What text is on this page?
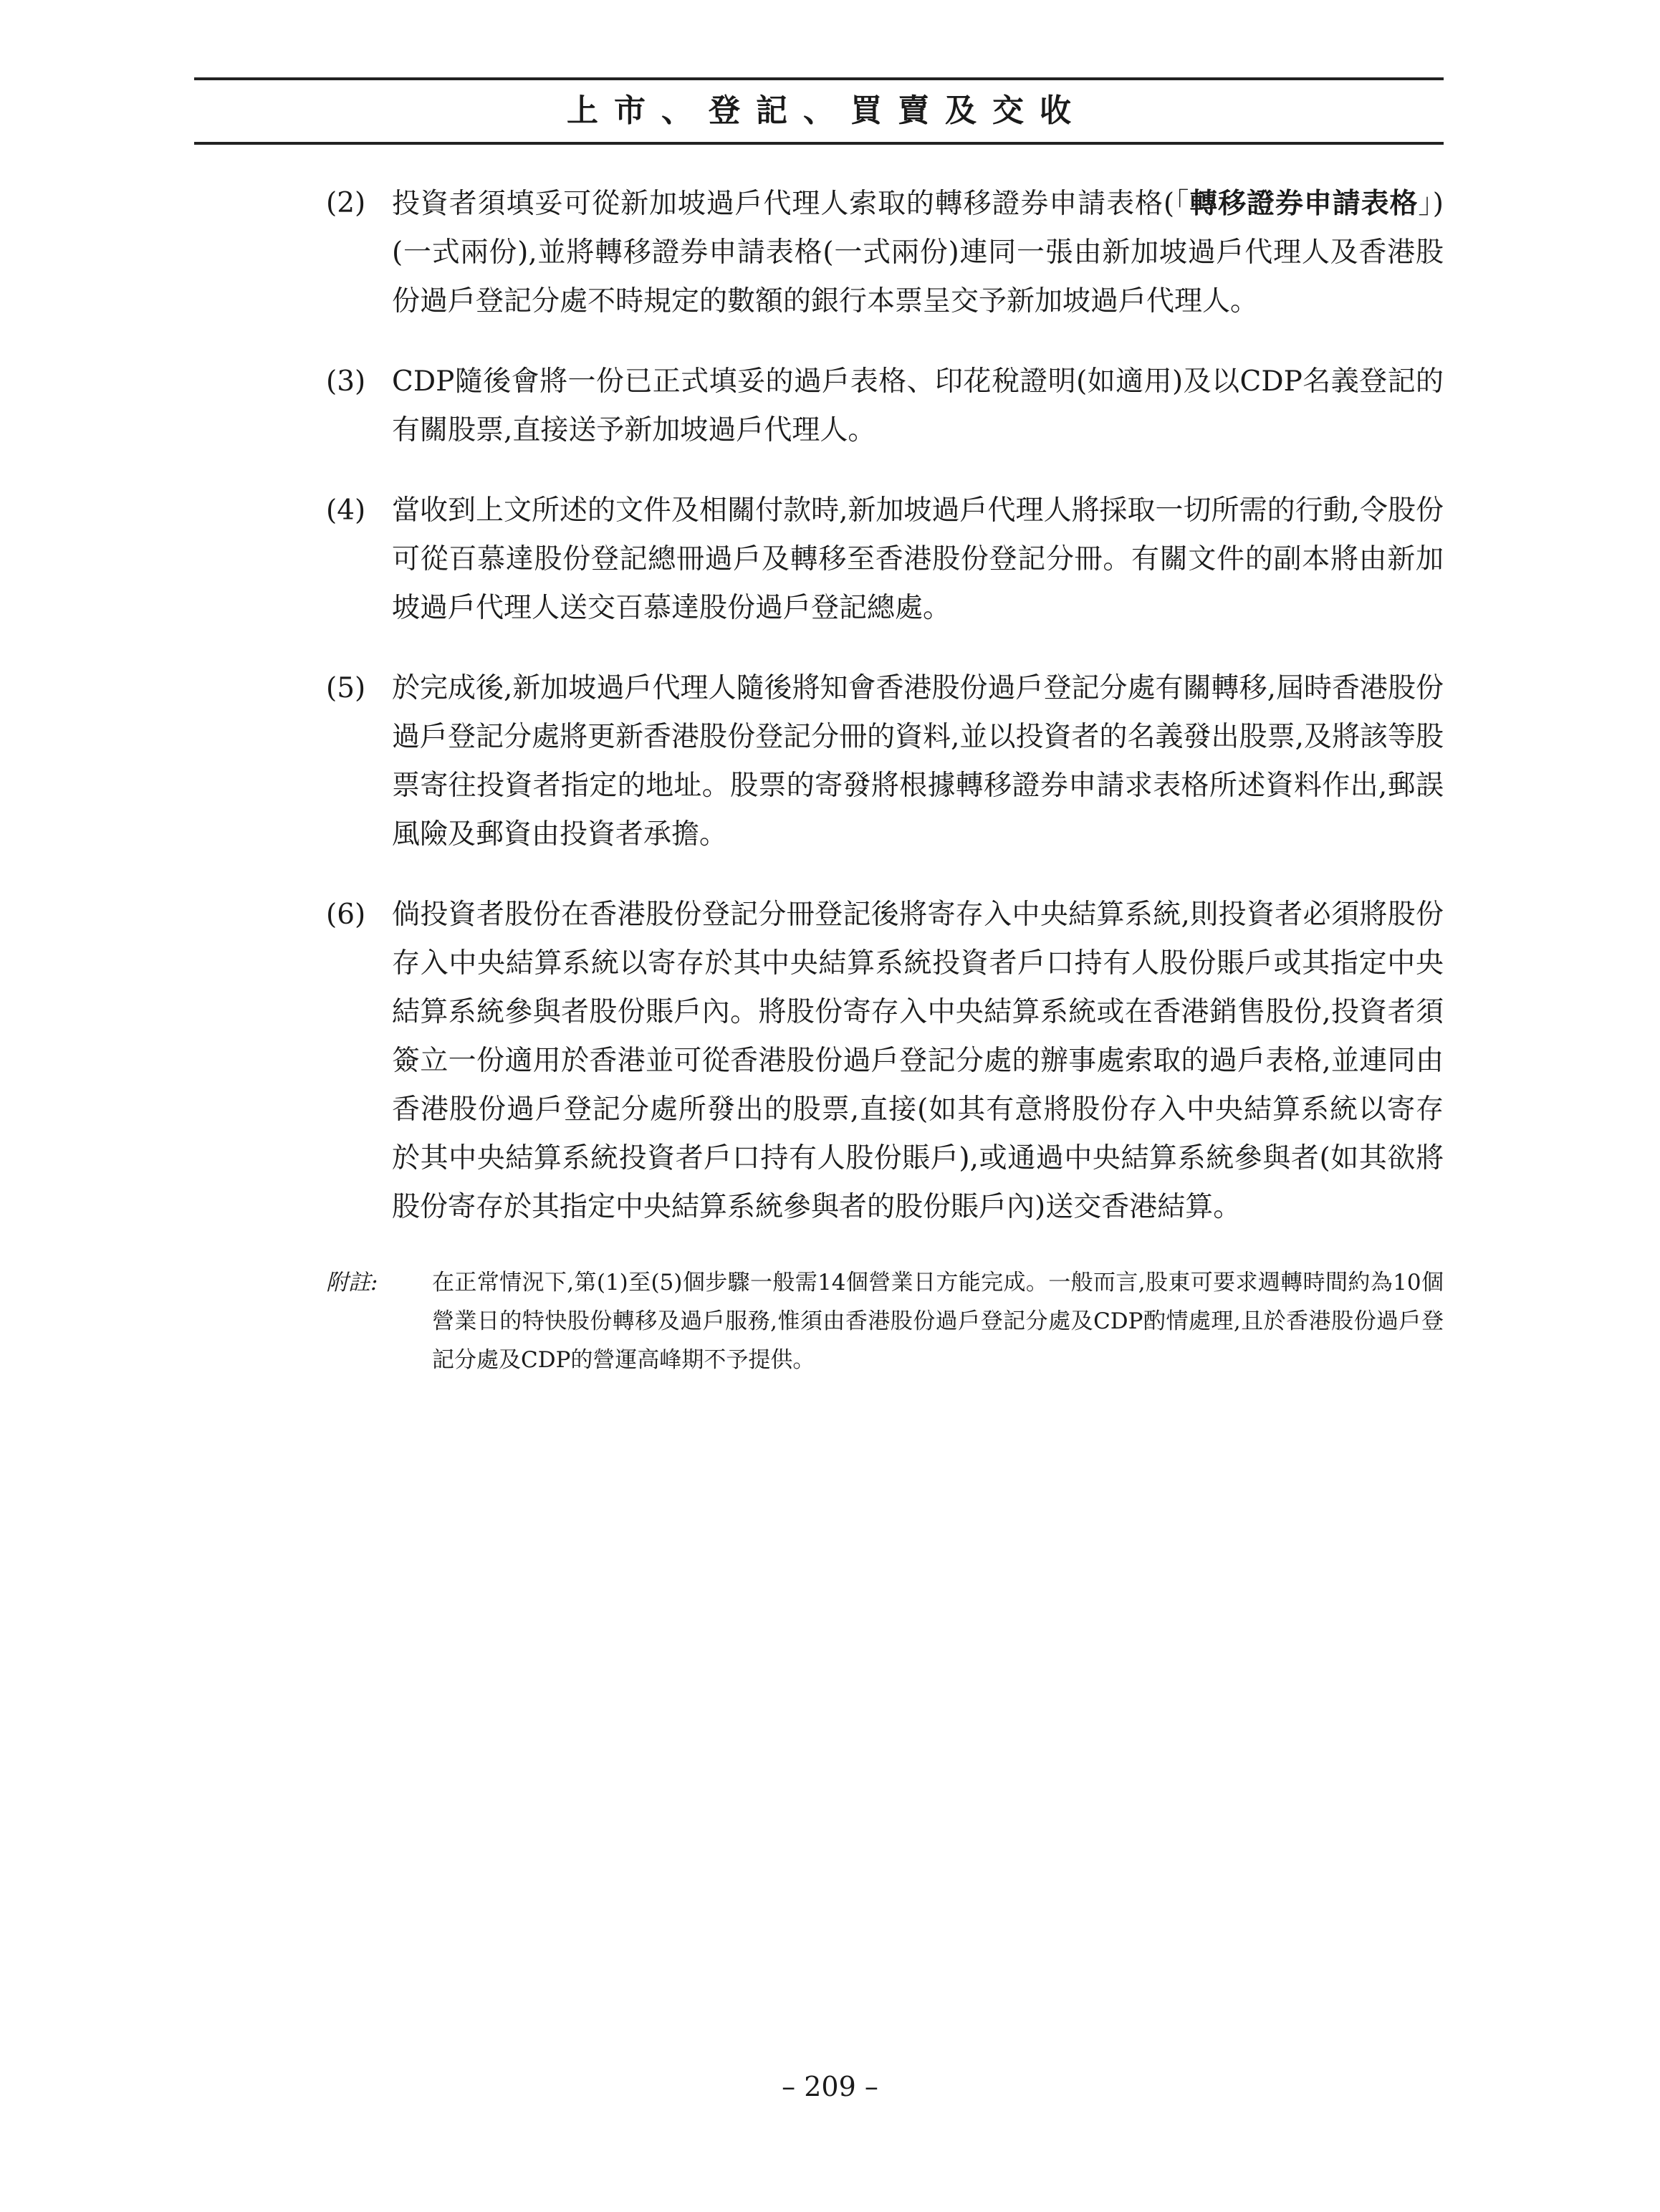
上市、登記、買賣及交收
(2) 投資者須填妥可從新加坡過戶代理人索取的轉移證券申請表格(「轉移證券申請表格」)(一式兩份),並將轉移證券申請表格(一式兩份)連同一張由新加坡過戶代理人及香港股份過戶登記分處不時規定的數額的銀行本票呈交予新加坡過戶代理人。
(3) CDP隨後會將一份已正式填妥的過戶表格、印花稅證明(如適用)及以CDP名義登記的有關股票,直接送予新加坡過戶代理人。
(4) 當收到上文所述的文件及相關付款時,新加坡過戶代理人將採取一切所需的行動,令股份可從百慕達股份登記總冊過戶及轉移至香港股份登記分冊。有關文件的副本將由新加坡過戶代理人送交百慕達股份過戶登記總處。
(5) 於完成後,新加坡過戶代理人隨後將知會香港股份過戶登記分處有關轉移,屆時香港股份過戶登記分處將更新香港股份登記分冊的資料,並以投資者的名義發出股票,及將該等股票寄往投資者指定的地址。股票的寄發將根據轉移證券申請求表格所述資料作出,郵誤風險及郵資由投資者承擔。
(6) 倘投資者股份在香港股份登記分冊登記後將寄存入中央結算系統,則投資者必須將股份存入中央結算系統以寄存於其中央結算系統投資者戶口持有人股份賬戶或其指定中央結算系統參與者股份賬戶內。將股份寄存入中央結算系統或在香港銷售股份,投資者須簽立一份適用於香港並可從香港股份過戶登記分處的辦事處索取的過戶表格,並連同由香港股份過戶登記分處所發出的股票,直接(如其有意將股份存入中央結算系統以寄存於其中央結算系統投資者戶口持有人股份賬戶),或通過中央結算系統參與者(如其欲將股份寄存於其指定中央結算系統參與者的股份賬戶內)送交香港結算。
附註: 在正常情況下,第(1)至(5)個步驟一般需14個營業日方能完成。一般而言,股東可要求週轉時間約為10個營業日的特快股份轉移及過戶服務,惟須由香港股份過戶登記分處及CDP酌情處理,且於香港股份過戶登記分處及CDP的營運高峰期不予提供。
– 209 –
